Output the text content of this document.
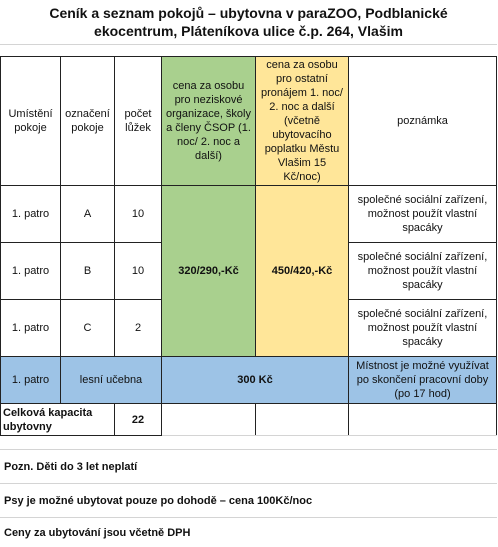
Ceník a seznam pokojů – ubytovna v paraZOO, Podblanické ekocentrum, Pláteníkova ulice č.p. 264, Vlašim
Umístění pokoje	označení pokoje	počet lůžek	cena za osobu pro neziskové organizace, školy a členy ČSOP (1. noc/ 2. noc a další)	cena za osobu pro ostatní pronájem 1. noc/ 2. noc a další (včetně ubytovacího poplatku Městu Vlašim 15 Kč/noc)	poznámka
1. patro	A	10	320/290,-Kč	450/420,-Kč	společné sociální zařízení, možnost použít vlastní spacáky
1. patro	B	10			společné sociální zařízení, možnost použít vlastní spacáky
1. patro	C	2			společné sociální zařízení, možnost použít vlastní spacáky
1. patro	lesní učebna		300 Kč		Místnost je možné využívat po skončení pracovní doby (po 17 hod)
Celková kapacita ubytovny		22			
Pozn. Děti do 3 let neplatí
Psy je možné ubytovat pouze po dohodě – cena 100Kč/noc
Ceny za ubytování jsou včetně DPH
